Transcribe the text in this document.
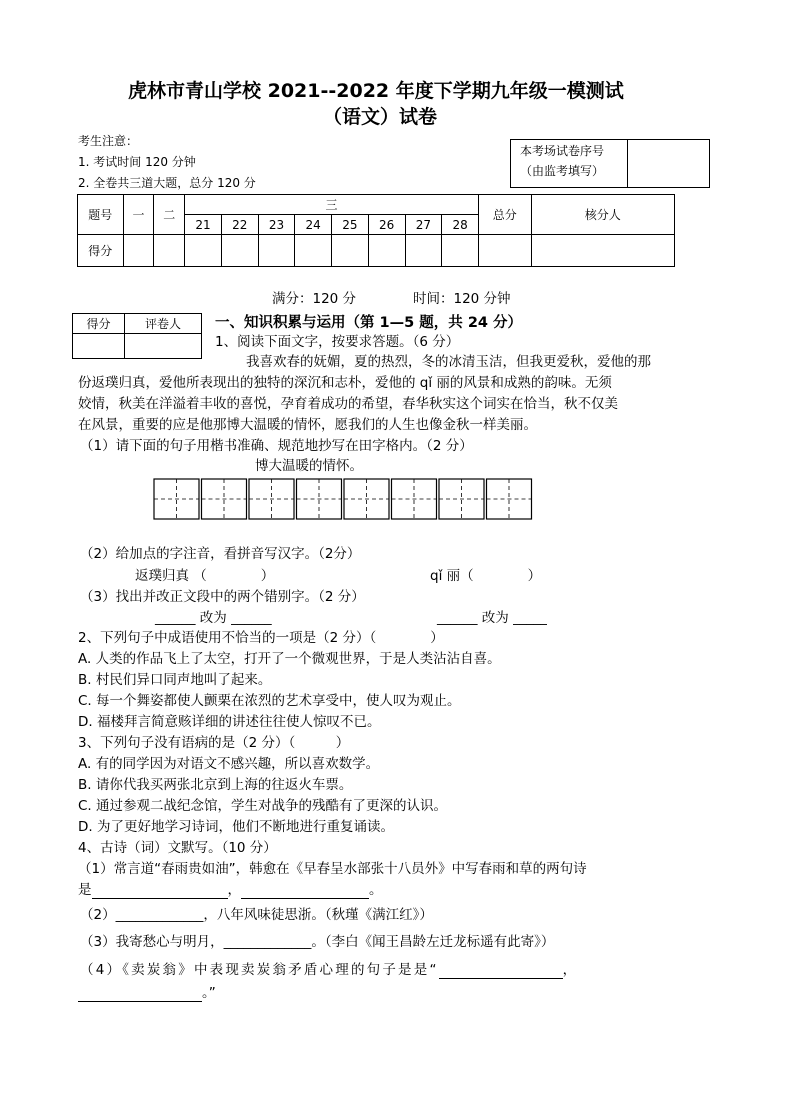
虎林市青山学校 2021--2022 年度下学期九年级一模测试
（语文）试卷
考生注意：
1. 考试时间 120 分钟
2. 全卷共三道大题，总分 120 分
本考场试卷序号
（由监考填写）
题号	一	二	三								总分	核分人
			21	22	23	24	25	26	27	28		
得分												
满分：120 分	时间：120 分钟
得分	评卷人
	一、知识积累与运用（第 1—5 题，共 24 分）
1、阅读下面文字，按要求答题。（6 分）
我喜欢春的妩媚，夏的热烈，冬的冰清玉洁，但我更爱秋，爱他的那
份返璞归真，爱他所表现出的独特的深沉和志朴，爱他的 qǐ 丽的风景和成熟的韵味。无须
姣情，秋美在洋溢着丰收的喜悦，孕育着成功的希望，春华秋实这个词实在恰当，秋不仅美
在风景，重要的应是他那博大温暖的情怀，愿我们的人生也像金秋一样美丽。
（1）请下面的句子用楷书准确、规范地抄写在田字格内。（2 分）
博大温暖的情怀。
（2）给加点的字注音，看拼音写汉字。（2分）
返璞归真 （　　　　）	qǐ 丽（　　　　）
（3）找出并改正文段中的两个错别字。（2 分）
______ 改为 ______	______ 改为 _____
2、下列句子中成语使用不恰当的一项是（2 分）（　　　　）
A. 人类的作品飞上了太空，打开了一个微观世界，于是人类沾沾自喜。
B. 村民们异口同声地叫了起来。
C. 每一个舞姿都使人颤栗在浓烈的艺术享受中，使人叹为观止。
D. 福楼拜言简意赅详细的讲述往往使人惊叹不已。
3、下列句子没有语病的是（2 分）（　　　）
A. 有的同学因为对语文不感兴趣，所以喜欢数学。
B. 请你代我买两张北京到上海的往返火车票。
C. 通过参观二战纪念馆，学生对战争的残酷有了更深的认识。
D. 为了更好地学习诗词，他们不断地进行重复诵读。
4、古诗（词）文默写。（10 分）
（1）常言道“春雨贵如油”，韩愈在《早春呈水部张十八员外》中写春雨和草的两句诗
是	，	。
（2）_____________，八年风味徒思浙。（秋瑾《满江红》）
（3）我寄愁心与明月，_____________。（李白《闻王昌龄左迁龙标遥有此寄》）
（4）《卖炭翁》中表现卖炭翁矛盾心理的句子是是“	，
。”
